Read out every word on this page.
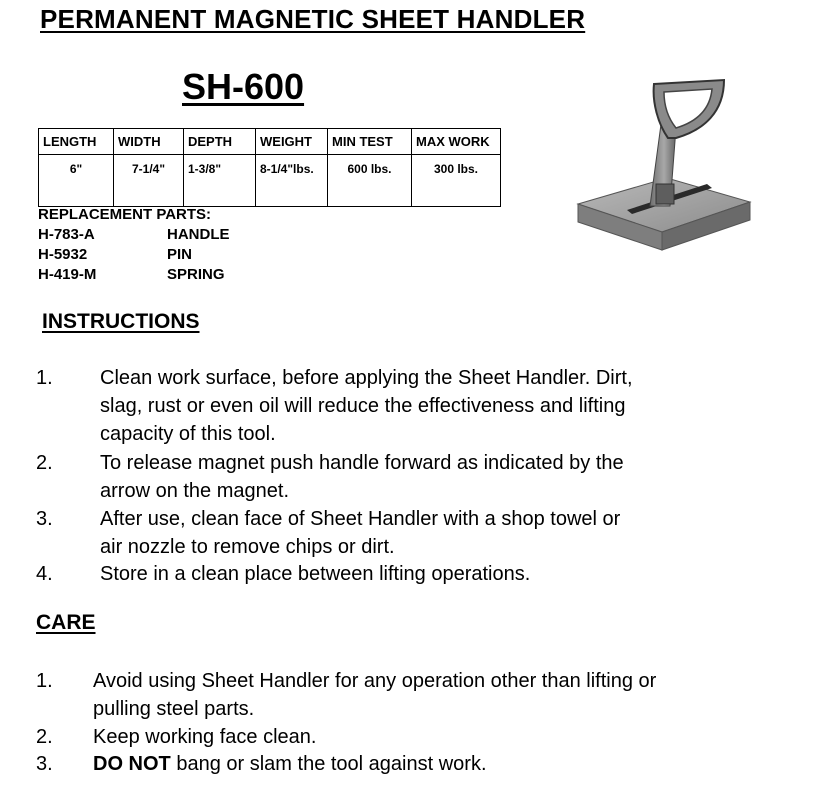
PERMANENT MAGNETIC SHEET HANDLER
SH-600
LENGTH	WIDTH	DEPTH	WEIGHT	MIN TEST	MAX WORK
6"	7-1/4"	1-3/8"	8-1/4"lbs.	600 lbs.	300 lbs.
REPLACEMENT PARTS:
H-783-A	HANDLE
H-5932	PIN
H-419-M	SPRING
INSTRUCTIONS
1. Clean work surface, before applying the Sheet Handler. Dirt,
slag, rust or even oil will reduce the effectiveness and lifting
capacity of this tool.
2. To release magnet push handle forward as indicated by the
arrow on the magnet.
3. After use, clean face of Sheet Handler with a shop towel or
air nozzle to remove chips or dirt.
4. Store in a clean place between lifting operations.
CARE
1. Avoid using Sheet Handler for any operation other than lifting or
pulling steel parts.
2. Keep working face clean.
3. DO NOT bang or slam the tool against work.
